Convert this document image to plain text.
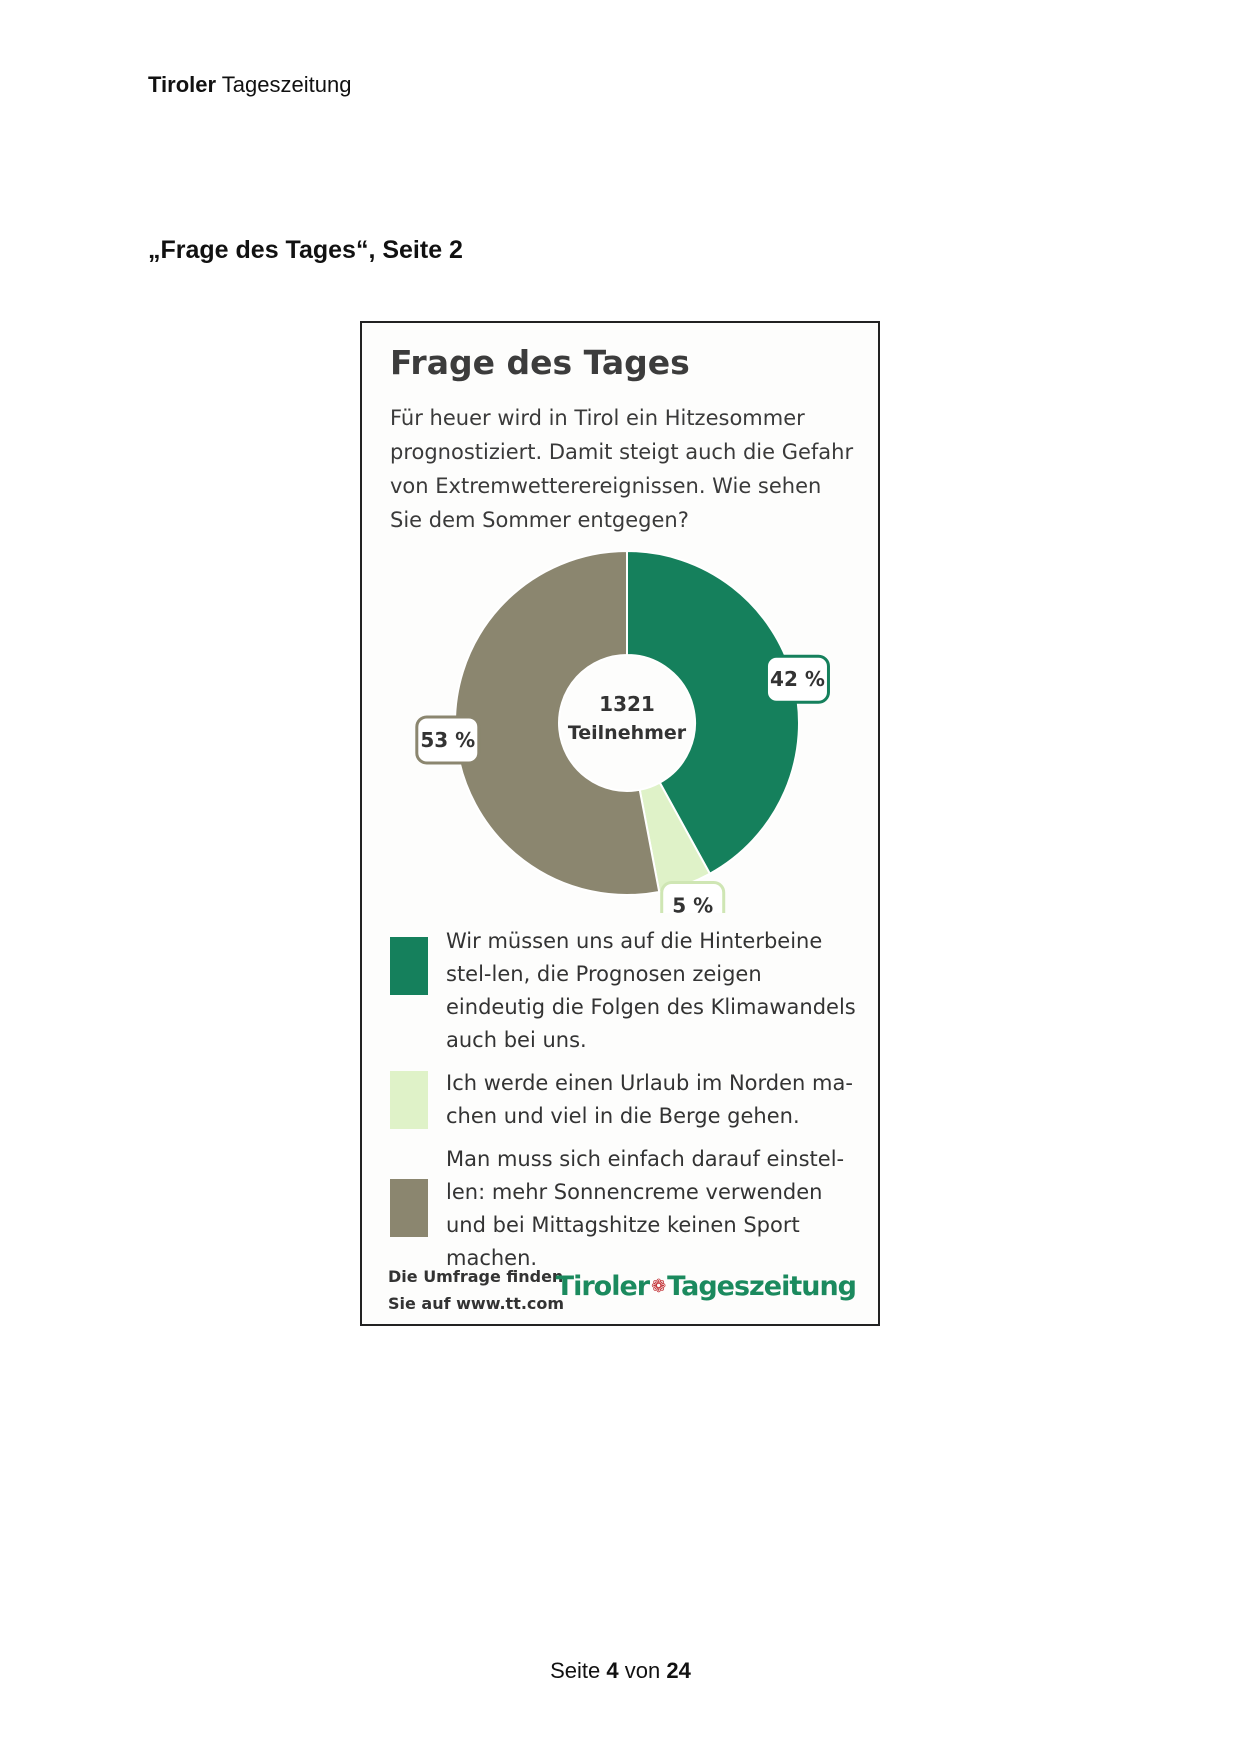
Tiroler Tageszeitung
„Frage des Tages“, Seite 2
Frage des Tages
Für heuer wird in Tirol ein Hitzesommer prognostiziert. Damit steigt auch die Gefahr von Extremwetterereignissen. Wie sehen Sie dem Sommer entgegen?
42 %
5 %
53 %
1321
Teilnehmer
Wir müssen uns auf die Hinterbeine stel-len, die Prognosen zeigen eindeutig die Folgen des Klimawandels auch bei uns.
Ich werde einen Urlaub im Norden ma-chen und viel in die Berge gehen.
Man muss sich einfach darauf einstel-len: mehr Sonnencreme verwenden und bei Mittagshitze keinen Sport machen.
Die Umfrage finden Sie auf www.tt.com
Tiroler ❁Tageszeitung
Seite 4 von 24
